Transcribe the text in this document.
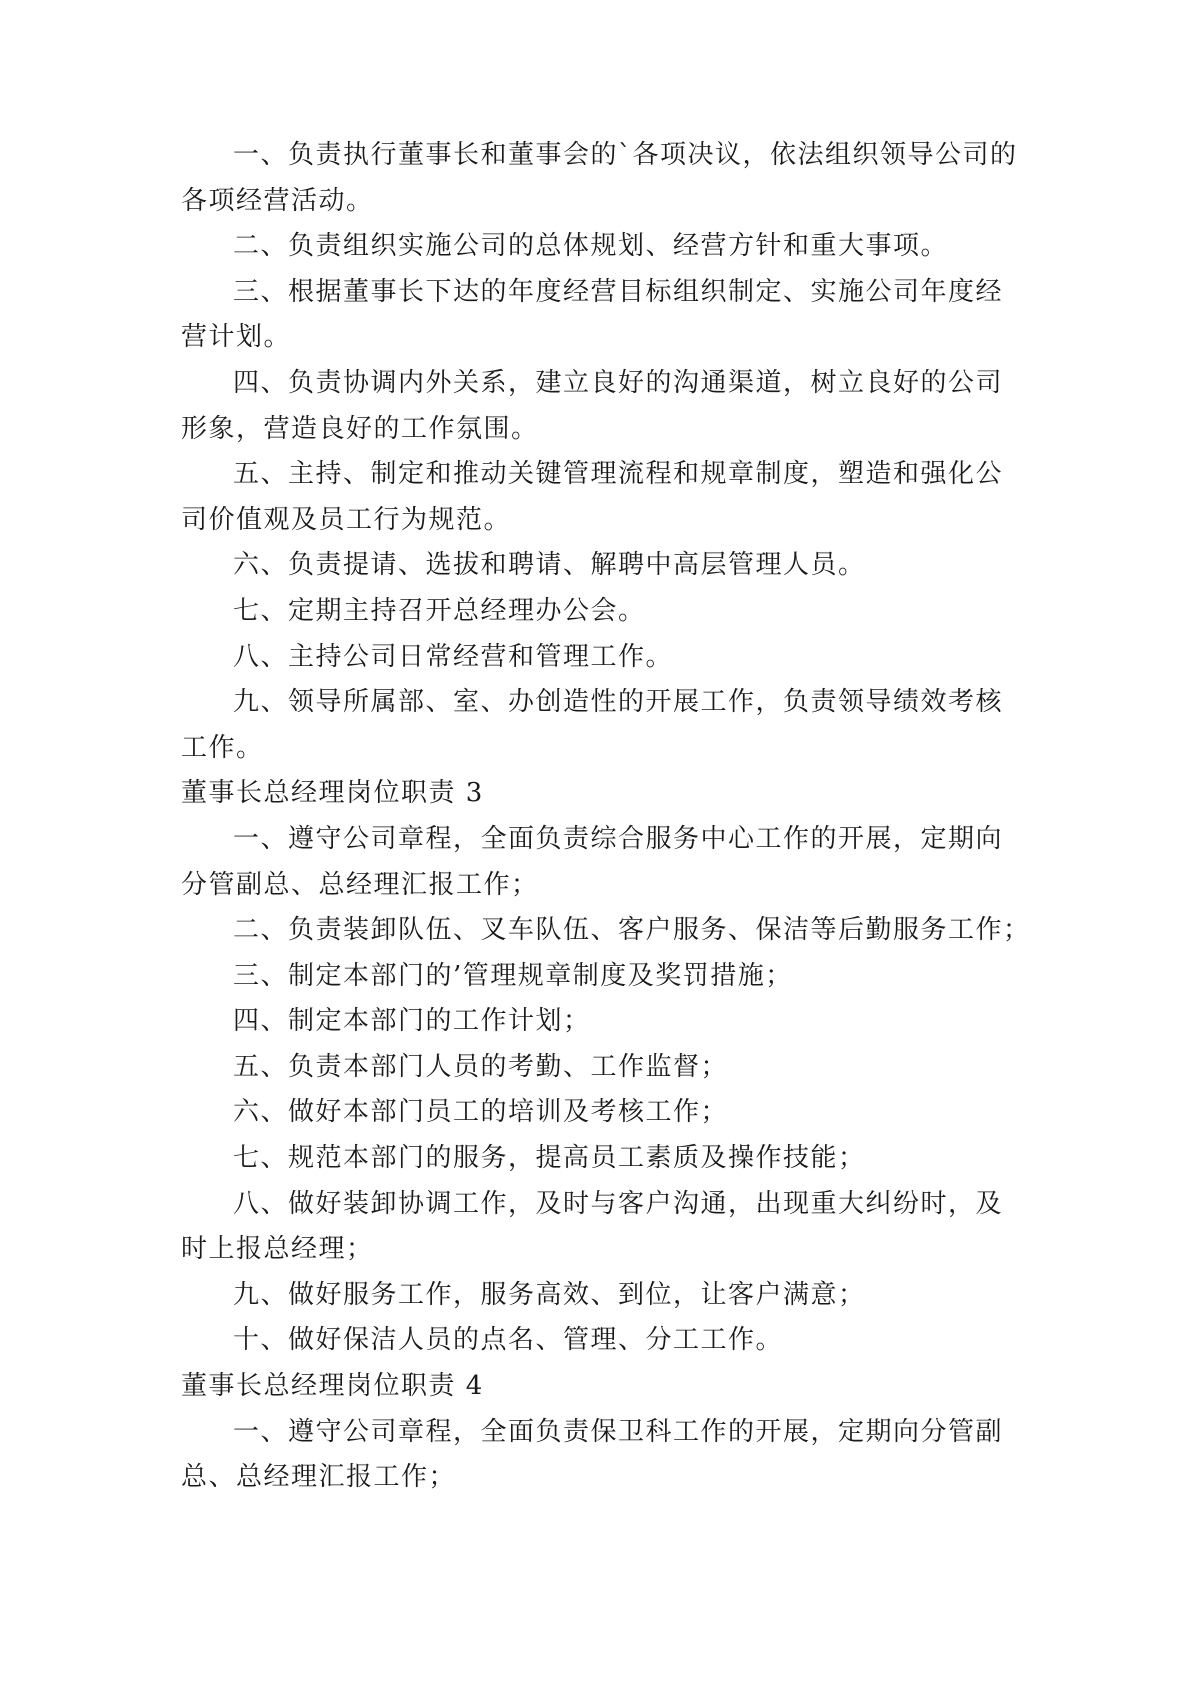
一、负责执行董事长和董事会的`各项决议，依法组织领导公司的
各项经营活动。
二、负责组织实施公司的总体规划、经营方针和重大事项。
三、根据董事长下达的年度经营目标组织制定、实施公司年度经
营计划。
四、负责协调内外关系，建立良好的沟通渠道，树立良好的公司
形象，营造良好的工作氛围。
五、主持、制定和推动关键管理流程和规章制度，塑造和强化公
司价值观及员工行为规范。
六、负责提请、选拔和聘请、解聘中高层管理人员。
七、定期主持召开总经理办公会。
八、主持公司日常经营和管理工作。
九、领导所属部、室、办创造性的开展工作，负责领导绩效考核
工作。
董事长总经理岗位职责 3
一、遵守公司章程，全面负责综合服务中心工作的开展，定期向
分管副总、总经理汇报工作；
二、负责装卸队伍、叉车队伍、客户服务、保洁等后勤服务工作；
三、制定本部门的’管理规章制度及奖罚措施；
四、制定本部门的工作计划；
五、负责本部门人员的考勤、工作监督；
六、做好本部门员工的培训及考核工作；
七、规范本部门的服务，提高员工素质及操作技能；
八、做好装卸协调工作，及时与客户沟通，出现重大纠纷时，及
时上报总经理；
九、做好服务工作，服务高效、到位，让客户满意；
十、做好保洁人员的点名、管理、分工工作。
董事长总经理岗位职责 4
一、遵守公司章程，全面负责保卫科工作的开展，定期向分管副
总、总经理汇报工作；
